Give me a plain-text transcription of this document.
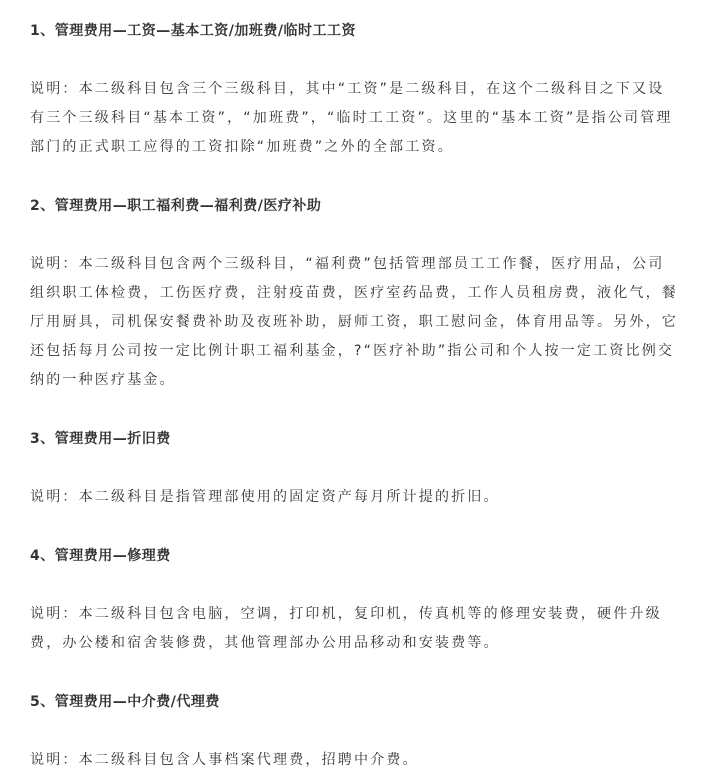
1、管理费用—工资—基本工资/加班费/临时工工资

说明：本二级科目包含三个三级科目，其中“工资”是二级科目，在这个二级科目之下又设有三个三级科目“基本工资”，“加班费”，“临时工工资”。这里的“基本工资”是指公司管理部门的正式职工应得的工资扣除“加班费”之外的全部工资。

2、管理费用—职工福利费—福利费/医疗补助

说明：本二级科目包含两个三级科目，“福利费”包括管理部员工工作餐，医疗用品，公司组织职工体检费，工伤医疗费，注射疫苗费，医疗室药品费，工作人员租房费，液化气，餐厅用厨具，司机保安餐费补助及夜班补助，厨师工资，职工慰问金，体育用品等。另外，它还包括每月公司按一定比例计职工福利基金，?“医疗补助”指公司和个人按一定工资比例交纳的一种医疗基金。

3、管理费用—折旧费

说明：本二级科目是指管理部使用的固定资产每月所计提的折旧。

4、管理费用—修理费

说明：本二级科目包含电脑，空调，打印机，复印机，传真机等的修理安装费，硬件升级费，办公楼和宿舍装修费，其他管理部办公用品移动和安装费等。

5、管理费用—中介费/代理费

说明：本二级科目包含人事档案代理费，招聘中介费。
